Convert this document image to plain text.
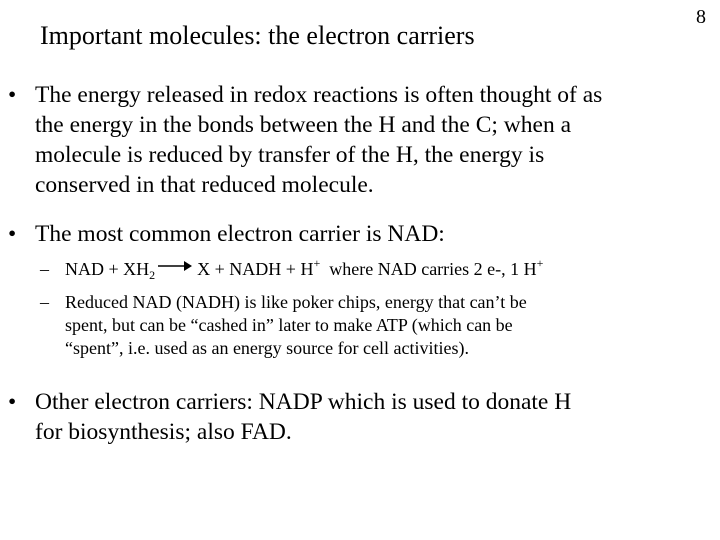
Important molecules: the electron carriers
8
• The energy released in redox reactions is often thought of as
the energy in the bonds between the H and the C; when a
molecule is reduced by transfer of the H, the energy is
conserved in that reduced molecule.
• The most common electron carrier is NAD:
– NAD + $XH_2 \to X$ + NADH + H+ where NAD carries 2 e-, 1 H+
– Reduced NAD (NADH) is like poker chips, energy that can’t be
spent, but can be “cashed in” later to make ATP (which can be
“spent”, i.e. used as an energy source for cell activities).
• Other electron carriers: NADP which is used to donate H
for biosynthesis; also FAD.
